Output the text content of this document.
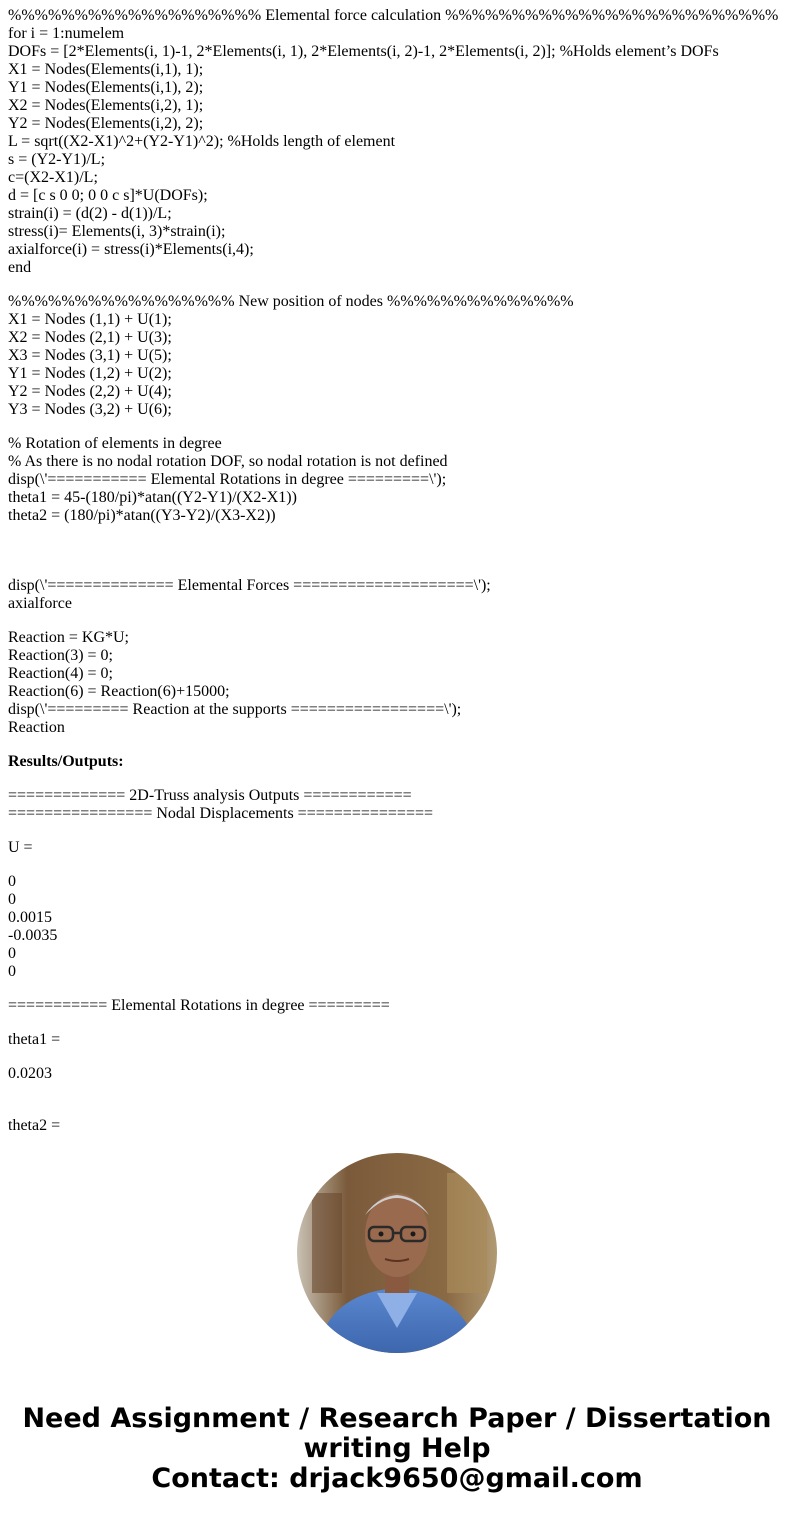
%%%%%%%%%%%%%%%%%%% Elemental force calculation %%%%%%%%%%%%%%%%%%%%%%%%%
for i = 1:numelem
DOFs = [2*Elements(i, 1)-1, 2*Elements(i, 1), 2*Elements(i, 2)-1, 2*Elements(i, 2)]; %Holds element’s DOFs
X1 = Nodes(Elements(i,1), 1);
Y1 = Nodes(Elements(i,1), 2);
X2 = Nodes(Elements(i,2), 1);
Y2 = Nodes(Elements(i,2), 2);
L = sqrt((X2-X1)^2+(Y2-Y1)^2); %Holds length of element
s = (Y2-Y1)/L;
c=(X2-X1)/L;
d = [c s 0 0; 0 0 c s]*U(DOFs);
strain(i) = (d(2) - d(1))/L;
stress(i)= Elements(i, 3)*strain(i);
axialforce(i) = stress(i)*Elements(i,4);
end
%%%%%%%%%%%%%%%%% New position of nodes %%%%%%%%%%%%%%
X1 = Nodes (1,1) + U(1);
X2 = Nodes (2,1) + U(3);
X3 = Nodes (3,1) + U(5);
Y1 = Nodes (1,2) + U(2);
Y2 = Nodes (2,2) + U(4);
Y3 = Nodes (3,2) + U(6);
% Rotation of elements in degree
% As there is no nodal rotation DOF, so nodal rotation is not defined
disp(\'=========== Elemental Rotations in degree =========\');
theta1 = 45-(180/pi)*atan((Y2-Y1)/(X2-X1))
theta2 = (180/pi)*atan((Y3-Y2)/(X3-X2))
disp(\'============== Elemental Forces ====================\');
axialforce
Reaction = KG*U;
Reaction(3) = 0;
Reaction(4) = 0;
Reaction(6) = Reaction(6)+15000;
disp(\'========= Reaction at the supports =================\');
Reaction
Results/Outputs:
============= 2D-Truss analysis Outputs ============
================ Nodal Displacements ===============
U =
0
0
0.0015
-0.0035
0
0
=========== Elemental Rotations in degree =========
theta1 =
0.0203
theta2 =
Need Assignment / Research Paper / Dissertation
writing Help
Contact: drjack9650@gmail.com
